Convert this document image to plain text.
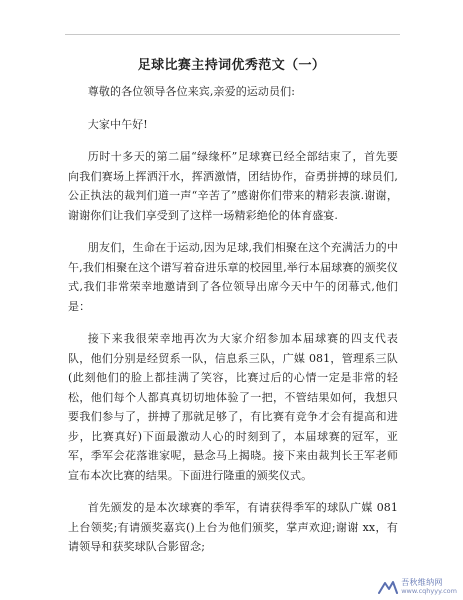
足球比赛主持词优秀范文（一）

尊敬的各位领导各位来宾,亲爱的运动员们:

大家中午好!

历时十多天的第二届“绿缘杯”足球赛已经全部结束了，首先要向我们赛场上挥洒汗水，挥洒激情，团结协作，奋勇拼搏的球员们,公正执法的裁判们道一声“辛苦了”感谢你们带来的精彩表演.谢谢，谢谢你们让我们享受到了这样一场精彩绝伦的体育盛宴.

朋友们，生命在于运动,因为足球,我们相聚在这个充满活力的中午,我们相聚在这个谱写着奋进乐章的校园里,举行本届球赛的颁奖仪式,我们非常荣幸地邀请到了各位领导出席今天中午的闭幕式,他们是：

接下来我很荣幸地再次为大家介绍参加本届球赛的四支代表队，他们分别是经贸系一队，信息系三队，广媒 081，管理系三队(此刻他们的脸上都挂满了笑容，比赛过后的心情一定是非常的轻松，他们每个人都真真切切地体验了一把，不管结果如何，我想只要我们参与了，拼搏了那就足够了，有比赛有竞争才会有提高和进步，比赛真好)下面最激动人心的时刻到了，本届球赛的冠军，亚军，季军会花落谁家呢，悬念马上揭晓。接下来由裁判长王军老师宣布本次比赛的结果。下面进行隆重的颁奖仪式。

首先颁发的是本次球赛的季军，有请获得季军的球队广媒 081 上台领奖;有请颁奖嘉宾()上台为他们颁奖，掌声欢迎;谢谢 xx，有请领导和获奖球队合影留念;

吾秋维纳网
www.cqhyyy.com
